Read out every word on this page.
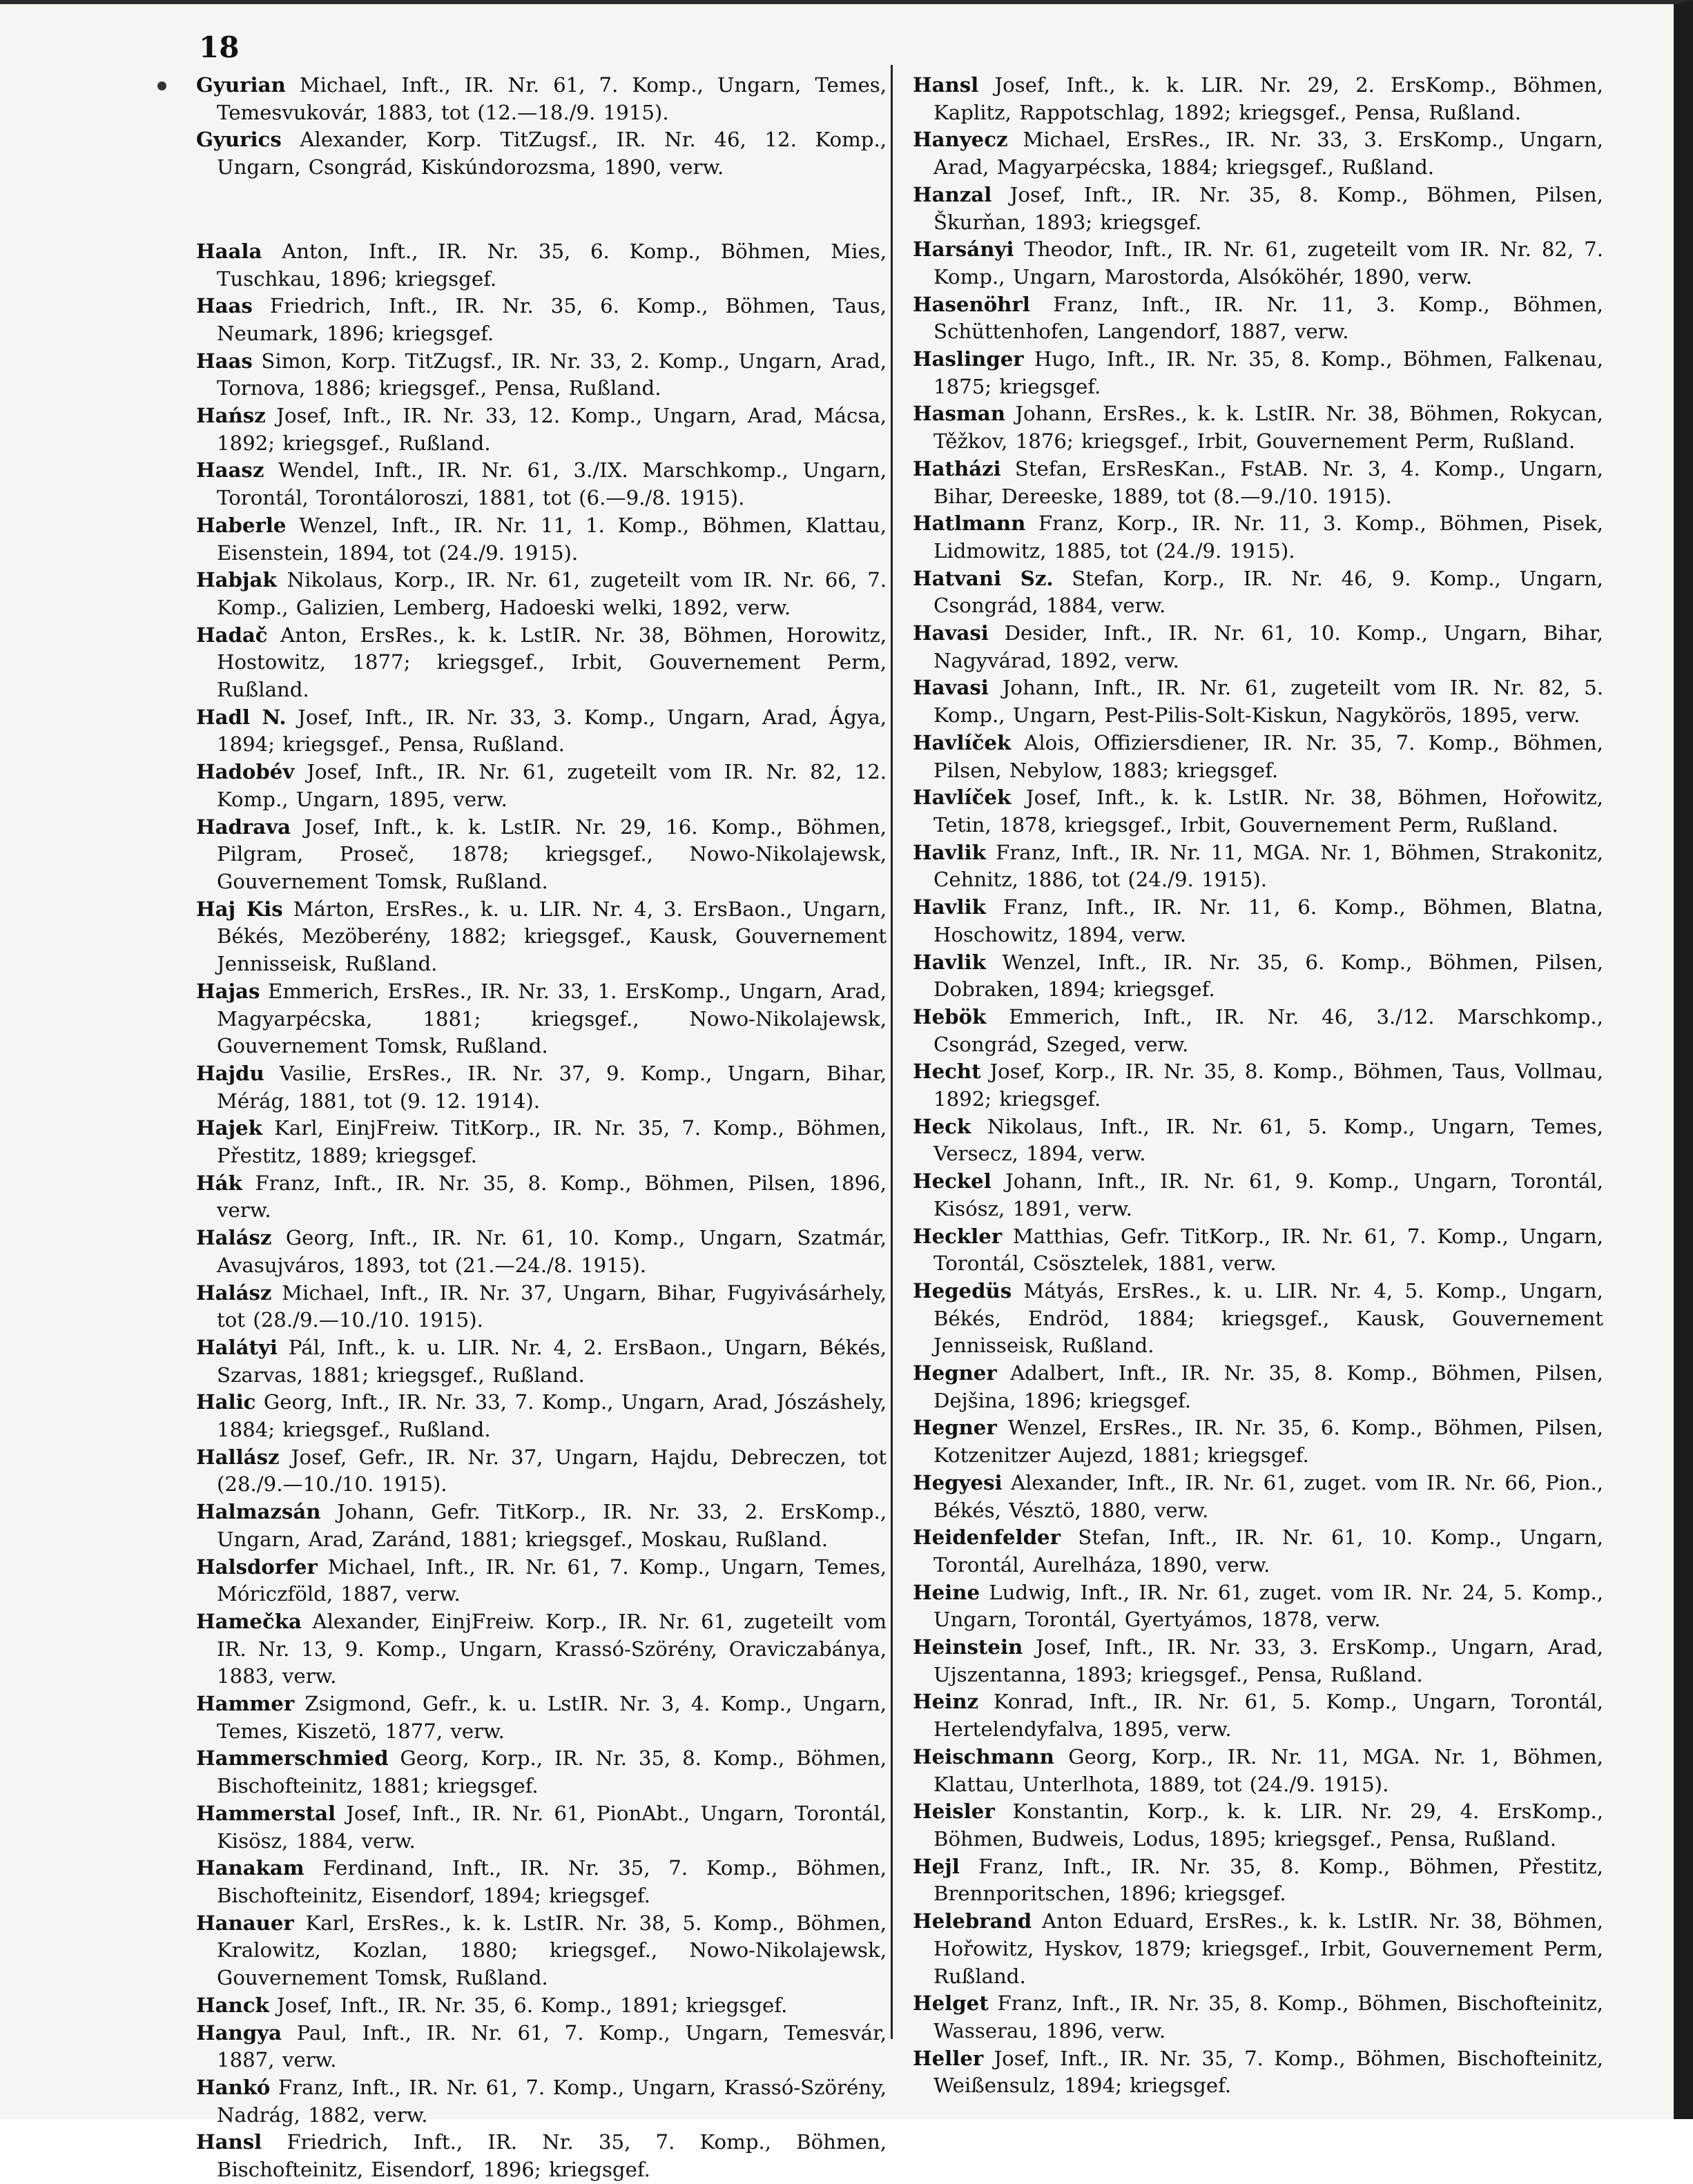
18

Gyurian Michael, Inft., IR. Nr. 61, 7. Komp., Ungarn, Temes, Temesvukovár, 1883, tot (12.—18./9. 1915).

Gyurics Alexander, Korp. TitZugsf., IR. Nr. 46, 12. Komp., Ungarn, Csongrád, Kiskúndorozsma, 1890, verw.

Haala Anton, Inft., IR. Nr. 35, 6. Komp., Böhmen, Mies, Tuschkau, 1896; kriegsgef.

Haas Friedrich, Inft., IR. Nr. 35, 6. Komp., Böhmen, Taus, Neumark, 1896; kriegsgef.

Haas Simon, Korp. TitZugsf., IR. Nr. 33, 2. Komp., Ungarn, Arad, Tornova, 1886; kriegsgef., Pensa, Rußland.

Hańsz Josef, Inft., IR. Nr. 33, 12. Komp., Ungarn, Arad, Mácsa, 1892; kriegsgef., Rußland.

Haasz Wendel, Inft., IR. Nr. 61, 3./IX. Marschkomp., Ungarn, Torontál, Torontáloroszi, 1881, tot (6.—9./8. 1915).

Haberle Wenzel, Inft., IR. Nr. 11, 1. Komp., Böhmen, Klattau, Eisenstein, 1894, tot (24./9. 1915).

Habjak Nikolaus, Korp., IR. Nr. 61, zugeteilt vom IR. Nr. 66, 7. Komp., Galizien, Lemberg, Hadoeski welki, 1892, verw.

Hadač Anton, ErsRes., k. k. LstIR. Nr. 38, Böhmen, Horowitz, Hostowitz, 1877; kriegsgef., Irbit, Gouvernement Perm, Rußland.

Hadl N. Josef, Inft., IR. Nr. 33, 3. Komp., Ungarn, Arad, Ágya, 1894; kriegsgef., Pensa, Rußland.

Hadobév Josef, Inft., IR. Nr. 61, zugeteilt vom IR. Nr. 82, 12. Komp., Ungarn, 1895, verw.

Hadrava Josef, Inft., k. k. LstIR. Nr. 29, 16. Komp., Böhmen, Pilgram, Proseč, 1878; kriegsgef., Nowo-Nikolajewsk, Gouvernement Tomsk, Rußland.

Haj Kis Márton, ErsRes., k. u. LIR. Nr. 4, 3. ErsBaon., Ungarn, Békés, Mezöberény, 1882; kriegsgef., Kausk, Gouvernement Jennisseisk, Rußland.

Hajas Emmerich, ErsRes., IR. Nr. 33, 1. ErsKomp., Ungarn, Arad, Magyarpécska, 1881; kriegsgef., Nowo-Nikolajewsk, Gouvernement Tomsk, Rußland.

Hajdu Vasilie, ErsRes., IR. Nr. 37, 9. Komp., Ungarn, Bihar, Mérág, 1881, tot (9. 12. 1914).

Hajek Karl, EinjFreiw. TitKorp., IR. Nr. 35, 7. Komp., Böhmen, Přestitz, 1889; kriegsgef.

Hák Franz, Inft., IR. Nr. 35, 8. Komp., Böhmen, Pilsen, 1896, verw.

Halász Georg, Inft., IR. Nr. 61, 10. Komp., Ungarn, Szatmár, Avasujváros, 1893, tot (21.—24./8. 1915).

Halász Michael, Inft., IR. Nr. 37, Ungarn, Bihar, Fugyivásárhely, tot (28./9.—10./10. 1915).

Halátyi Pál, Inft., k. u. LIR. Nr. 4, 2. ErsBaon., Ungarn, Békés, Szarvas, 1881; kriegsgef., Rußland.

Halic Georg, Inft., IR. Nr. 33, 7. Komp., Ungarn, Arad, Jószáshely, 1884; kriegsgef., Rußland.

Hallász Josef, Gefr., IR. Nr. 37, Ungarn, Hajdu, Debreczen, tot (28./9.—10./10. 1915).

Halmazsán Johann, Gefr. TitKorp., IR. Nr. 33, 2. ErsKomp., Ungarn, Arad, Zaránd, 1881; kriegsgef., Moskau, Rußland.

Halsdorfer Michael, Inft., IR. Nr. 61, 7. Komp., Ungarn, Temes, Móriczföld, 1887, verw.

Hamečka Alexander, EinjFreiw. Korp., IR. Nr. 61, zugeteilt vom IR. Nr. 13, 9. Komp., Ungarn, Krassó-Szörény, Oraviczabánya, 1883, verw.

Hammer Zsigmond, Gefr., k. u. LstIR. Nr. 3, 4. Komp., Ungarn, Temes, Kiszetö, 1877, verw.

Hammerschmied Georg, Korp., IR. Nr. 35, 8. Komp., Böhmen, Bischofteinitz, 1881; kriegsgef.

Hammerstal Josef, Inft., IR. Nr. 61, PionAbt., Ungarn, Torontál, Kisösz, 1884, verw.

Hanakam Ferdinand, Inft., IR. Nr. 35, 7. Komp., Böhmen, Bischofteinitz, Eisendorf, 1894; kriegsgef.

Hanauer Karl, ErsRes., k. k. LstIR. Nr. 38, 5. Komp., Böhmen, Kralowitz, Kozlan, 1880; kriegsgef., Nowo-Nikolajewsk, Gouvernement Tomsk, Rußland.

Hanck Josef, Inft., IR. Nr. 35, 6. Komp., 1891; kriegsgef.

Hangya Paul, Inft., IR. Nr. 61, 7. Komp., Ungarn, Temesvár, 1887, verw.

Hankó Franz, Inft., IR. Nr. 61, 7. Komp., Ungarn, Krassó-Szörény, Nadrág, 1882, verw.

Hansl Friedrich, Inft., IR. Nr. 35, 7. Komp., Böhmen, Bischofteinitz, Eisendorf, 1896; kriegsgef.

Hansl Josef, Inft., k. k. LIR. Nr. 29, 2. ErsKomp., Böhmen, Kaplitz, Rappotschlag, 1892; kriegsgef., Pensa, Rußland.

Hanyecz Michael, ErsRes., IR. Nr. 33, 3. ErsKomp., Ungarn, Arad, Magyarpécska, 1884; kriegsgef., Rußland.

Hanzal Josef, Inft., IR. Nr. 35, 8. Komp., Böhmen, Pilsen, Škurňan, 1893; kriegsgef.

Harsányi Theodor, Inft., IR. Nr. 61, zugeteilt vom IR. Nr. 82, 7. Komp., Ungarn, Marostorda, Alsóköhér, 1890, verw.

Hasenöhrl Franz, Inft., IR. Nr. 11, 3. Komp., Böhmen, Schüttenhofen, Langendorf, 1887, verw.

Haslinger Hugo, Inft., IR. Nr. 35, 8. Komp., Böhmen, Falkenau, 1875; kriegsgef.

Hasman Johann, ErsRes., k. k. LstIR. Nr. 38, Böhmen, Rokycan, Těžkov, 1876; kriegsgef., Irbit, Gouvernement Perm, Rußland.

Hatházi Stefan, ErsResKan., FstAB. Nr. 3, 4. Komp., Ungarn, Bihar, Dereeske, 1889, tot (8.—9./10. 1915).

Hatlmann Franz, Korp., IR. Nr. 11, 3. Komp., Böhmen, Pisek, Lidmowitz, 1885, tot (24./9. 1915).

Hatvani Sz. Stefan, Korp., IR. Nr. 46, 9. Komp., Ungarn, Csongrád, 1884, verw.

Havasi Desider, Inft., IR. Nr. 61, 10. Komp., Ungarn, Bihar, Nagyvárad, 1892, verw.

Havasi Johann, Inft., IR. Nr. 61, zugeteilt vom IR. Nr. 82, 5. Komp., Ungarn, Pest-Pilis-Solt-Kiskun, Nagykörös, 1895, verw.

Havlíček Alois, Offiziersdiener, IR. Nr. 35, 7. Komp., Böhmen, Pilsen, Nebylow, 1883; kriegsgef.

Havlíček Josef, Inft., k. k. LstIR. Nr. 38, Böhmen, Hořowitz, Tetin, 1878, kriegsgef., Irbit, Gouvernement Perm, Rußland.

Havlik Franz, Inft., IR. Nr. 11, MGA. Nr. 1, Böhmen, Strakonitz, Cehnitz, 1886, tot (24./9. 1915).

Havlik Franz, Inft., IR. Nr. 11, 6. Komp., Böhmen, Blatna, Hoschowitz, 1894, verw.

Havlik Wenzel, Inft., IR. Nr. 35, 6. Komp., Böhmen, Pilsen, Dobraken, 1894; kriegsgef.

Hebök Emmerich, Inft., IR. Nr. 46, 3./12. Marschkomp., Csongrád, Szeged, verw.

Hecht Josef, Korp., IR. Nr. 35, 8. Komp., Böhmen, Taus, Vollmau, 1892; kriegsgef.

Heck Nikolaus, Inft., IR. Nr. 61, 5. Komp., Ungarn, Temes, Versecz, 1894, verw.

Heckel Johann, Inft., IR. Nr. 61, 9. Komp., Ungarn, Torontál, Kisósz, 1891, verw.

Heckler Matthias, Gefr. TitKorp., IR. Nr. 61, 7. Komp., Ungarn, Torontál, Csösztelek, 1881, verw.

Hegedüs Mátyás, ErsRes., k. u. LIR. Nr. 4, 5. Komp., Ungarn, Békés, Endröd, 1884; kriegsgef., Kausk, Gouvernement Jennisseisk, Rußland.

Hegner Adalbert, Inft., IR. Nr. 35, 8. Komp., Böhmen, Pilsen, Dejšina, 1896; kriegsgef.

Hegner Wenzel, ErsRes., IR. Nr. 35, 6. Komp., Böhmen, Pilsen, Kotzenitzer Aujezd, 1881; kriegsgef.

Hegyesi Alexander, Inft., IR. Nr. 61, zuget. vom IR. Nr. 66, Pion., Békés, Vésztö, 1880, verw.

Heidenfelder Stefan, Inft., IR. Nr. 61, 10. Komp., Ungarn, Torontál, Aurelháza, 1890, verw.

Heine Ludwig, Inft., IR. Nr. 61, zuget. vom IR. Nr. 24, 5. Komp., Ungarn, Torontál, Gyertyámos, 1878, verw.

Heinstein Josef, Inft., IR. Nr. 33, 3. ErsKomp., Ungarn, Arad, Ujszentanna, 1893; kriegsgef., Pensa, Rußland.

Heinz Konrad, Inft., IR. Nr. 61, 5. Komp., Ungarn, Torontál, Hertelendyfalva, 1895, verw.

Heischmann Georg, Korp., IR. Nr. 11, MGA. Nr. 1, Böhmen, Klattau, Unterlhota, 1889, tot (24./9. 1915).

Heisler Konstantin, Korp., k. k. LIR. Nr. 29, 4. ErsKomp., Böhmen, Budweis, Lodus, 1895; kriegsgef., Pensa, Rußland.

Hejl Franz, Inft., IR. Nr. 35, 8. Komp., Böhmen, Přestitz, Brennporitschen, 1896; kriegsgef.

Helebrand Anton Eduard, ErsRes., k. k. LstIR. Nr. 38, Böhmen, Hořowitz, Hyskov, 1879; kriegsgef., Irbit, Gouvernement Perm, Rußland.

Helget Franz, Inft., IR. Nr. 35, 8. Komp., Böhmen, Bischofteinitz, Wasserau, 1896, verw.

Heller Josef, Inft., IR. Nr. 35, 7. Komp., Böhmen, Bischofteinitz, Weißensulz, 1894; kriegsgef.
